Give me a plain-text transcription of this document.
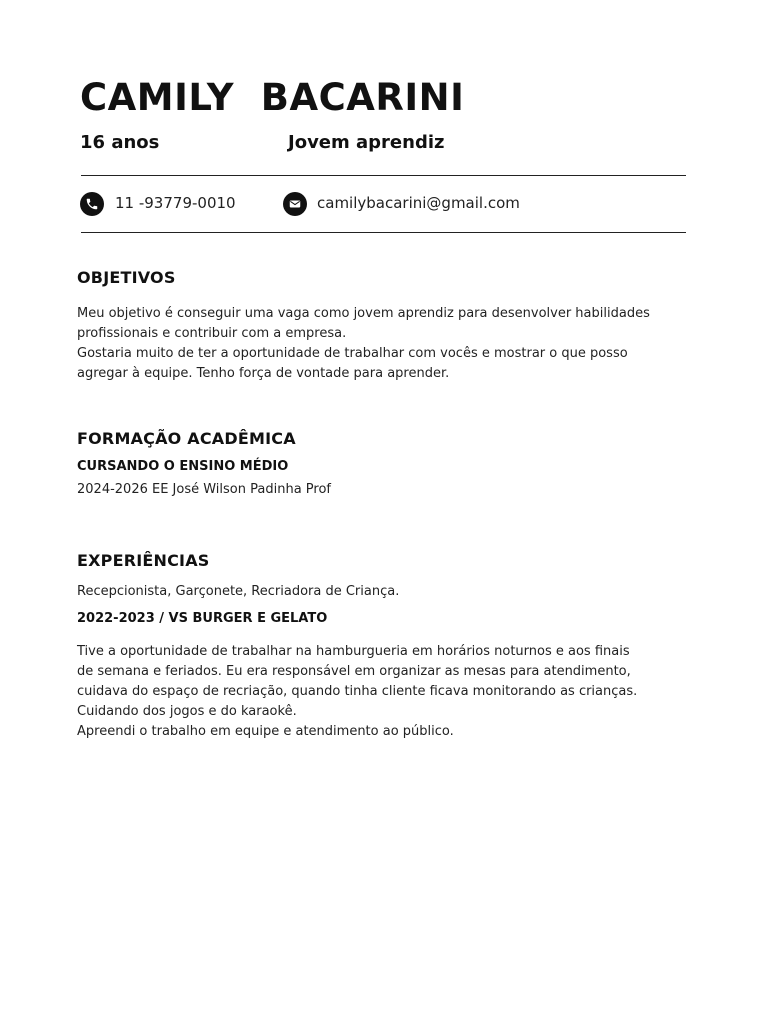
CAMILY  BACARINI
16 anos	Jovem aprendiz
11 -93779-0010	camilybacarini@gmail.com
OBJETIVOS

Meu objetivo é conseguir uma vaga como jovem aprendiz para desenvolver habilidades

profissionais e contribuir com a empresa.

Gostaria muito de ter a oportunidade de trabalhar com vocês e mostrar o que posso

agregar à equipe. Tenho força de vontade para aprender.

FORMAÇÃO ACADÊMICA
CURSANDO O ENSINO MÉDIO
2024-2026 EE José Wilson Padinha Prof
EXPERIÊNCIAS
Recepcionista, Garçonete, Recriadora de Criança.
2022-2023 / VS BURGER E GELATO

Tive a oportunidade de trabalhar na hamburgueria em horários noturnos e aos finais

de semana e feriados. Eu era responsável em organizar as mesas para atendimento,

cuidava do espaço de recriação, quando tinha cliente ficava monitorando as crianças.

Cuidando dos jogos e do karaokê.

Apreendi o trabalho em equipe e atendimento ao público.
